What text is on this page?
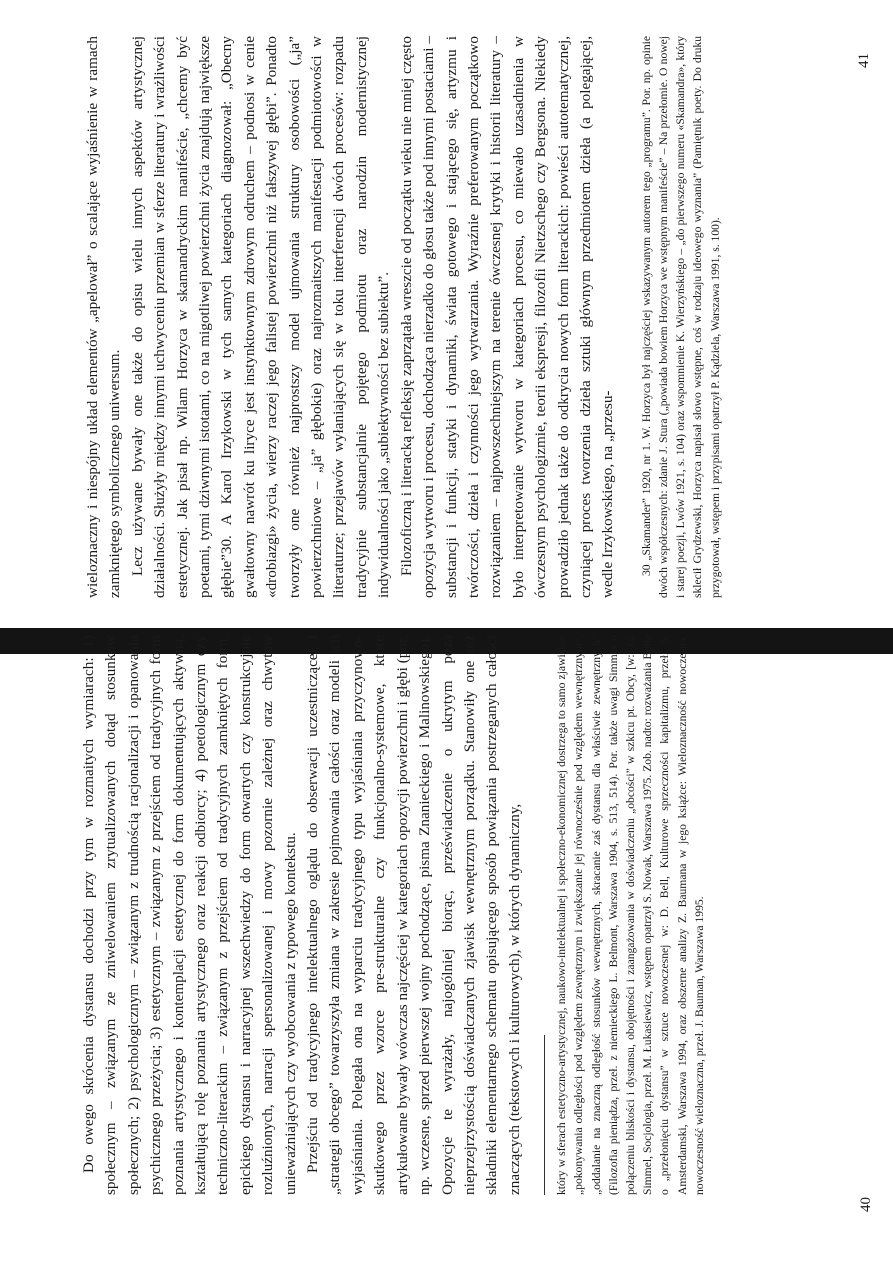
Do owego skrócenia dystansu dochodzi przy tym w rozmaitych wymiarach: 1) społecznym – związanym ze zniwelowaniem zrytualizowanych dotąd stosunków społecznych; 2) psychologicznym – związanym z trudnością racjonalizacji i opanowania psychicznego przeżycia; 3) estetycznym – związanym z przejściem od tradycyjnych form poznania artystycznego i kontemplacji estetycznej do form dokumentujących aktywną, kształtującą rolę poznania artystycznego oraz reakcji odbiorcy; 4) poetologicznym czy techniczno-literackim – związanym z przejściem od tradycyjnych zamkniętych form, epickiego dystansu i narracyjnej wszechwiedzy do form otwartych czy konstrukcyjnie rozluźnionych, narracji spersonalizowanej i mowy pozornie zależnej oraz chwytów unieważniających czy wyobcowania z typowego kontekstu. Przejściu od tradycyjnego intelektualnego oglądu do obserwacji uczestniczącej i „strategii obcego” towarzyszyła zmiana w zakresie pojmowania całości oraz modeli ich wyjaśniania. Polegała ona na wyparciu tradycyjnego typu wyjaśniania przyczynowo-skutkowego przez wzorce pre-strukturalne czy funkcjonalno-systemowe, które artykułowane bywały wówczas najczęściej w kategoriach opozycji powierzchni i głębi (por. np. wczesne, sprzed pierwszej wojny pochodzące, pisma Znanieckiego i Malinowskiego). Opozycje te wyrażały, najogólniej biorąc, przeświadczenie o ukrytym poza nieprzejrzystością doświadczanych zjawisk wewnętrznym porządku. Stanowiły one też składniki elementarnego schematu opisującego sposób powiązania postrzeganych całości znaczących (tekstowych i kulturowych), w których dynamiczny,	który w sferach estetyczno-artystycznej, naukowo-intelektualnej i społeczno-ekonomicznej dostrzega to samo zjawisko: „pokonywania odległości pod względem zewnętrznym i zwiększanie jej równocześnie pod względem wewnętrznym”, „oddalanie na znaczną odległość stosunków wewnętrznych, skracanie zaś dystansu dla właściwie zewnętrznych” (Filozofia pieniądza, przeł. z niemieckiego L. Belmont, Warszawa 1904, s. 513, 514). Por. także uwagi Simmla o połączeniu bliskości i dystansu, obojętności i zaangażowania w doświadczeniu „obcości” w szkicu pt. Obcy, [w:] G. Simmel, Socjologia, przeł. M. Łukasiewicz, wstępem opatrzył S. Nowak, Warszawa 1975. Zob. nadto: rozważania Bella o „przełonięciu dystansu” w sztuce nowoczesnej w: D. Bell, Kulturowe sprzeczności kapitalizmu, przeł. S. Amsterdamski, Warszawa 1994, oraz obszerne analizy Z. Baumana w jego książce: Wieloznaczność nowoczesna, nowoczesność wieloznaczna, przeł. J. Bauman, Warszawa 1995.

40

wieloznaczny i niespójny układ elementów „apelował” o scalające wyjaśnienie w ramach zamkniętego symbolicznego uniwersum. Lecz używane bywały one także do opisu wielu innych aspektów artystycznej działalności. Służyły między innymi uchwyceniu przemian w sferze literatury i wrażliwości estetycznej. Jak pisał np. Wilam Horzyca w skamandryckim manifeście, „chcemy być poetami, tymi dziwnymi istotami, co na migotliwej powierzchni życia znajdują największe głębie”30. A Karol Irzykowski w tych samych kategoriach diagnozował: „Obecny gwałtowny nawrót ku liryce jest instynktownym zdrowym odruchem – podnosi w cenie «drobiazgi» życia, wierzy raczej jego falistej powierzchni niż fałszywej głębi”. Ponadto tworzyły one również najprostszy model ujmowania struktury osobowości („ja” powierzchniowe – „ja” głębokie) oraz najrozmaitszych manifestacji podmiotowości w literaturze; przejawów wyłaniających się w toku interferencji dwóch procesów: rozpadu tradycyjnie substancjalnie pojętego podmiotu oraz narodzin modernistycznej indywidualności jako „subiektywności bez subiektu”. Filozoficzną i literacką refleksję zaprzątała wreszcie od początku wieku nie mniej często opozycja wytworu i procesu, dochodząca nierzadko do głosu także pod innymi postaciami – substancji i funkcji, statyki i dynamiki, świata gotowego i stającego się, artyzmu i twórczości, dzieła i czynności jego wytwarzania. Wyraźnie preferowanym początkowo rozwiązaniem – najpowszechniejszym na terenie ówczesnej krytyki i historii literatury – było interpretowanie wytworu w kategoriach procesu, co miewało uzasadnienia w ówczesnym psychologizmie, teorii ekspresji, filozofii Nietzschego czy Bergsona. Niekiedy prowadziło jednak także do odkrycia nowych form literackich: powieści autotematycznej, czyniącej proces tworzenia dzieła sztuki głównym przedmiotem dzieła (a polegającej, wedle Irzykowskiego, na „przesu- 30 „Skamander” 1920, nr 1. W. Horzyca był najczęściej wskazywanym autorem tego „programu”. Por. np. opinie dwóch współczesnych: zdanie J. Stura („powiada bowiem Horzyca we wstępnym manifeście” – Na przełomie. O nowej i starej poezji, Lwów 1921, s. 104) oraz wspomnienie K. Wierzyńskiego – „do pierwszego numeru «Skamandra», który sklecił Grydzewski, Horzyca napisał słowo wstępne, coś w rodzaju ideowego wyznania” (Pamiętnik poety. Do druku przygotował, wstępem i przypisami opatrzył P. Kądziela, Warszawa 1991, s. 100).

41
